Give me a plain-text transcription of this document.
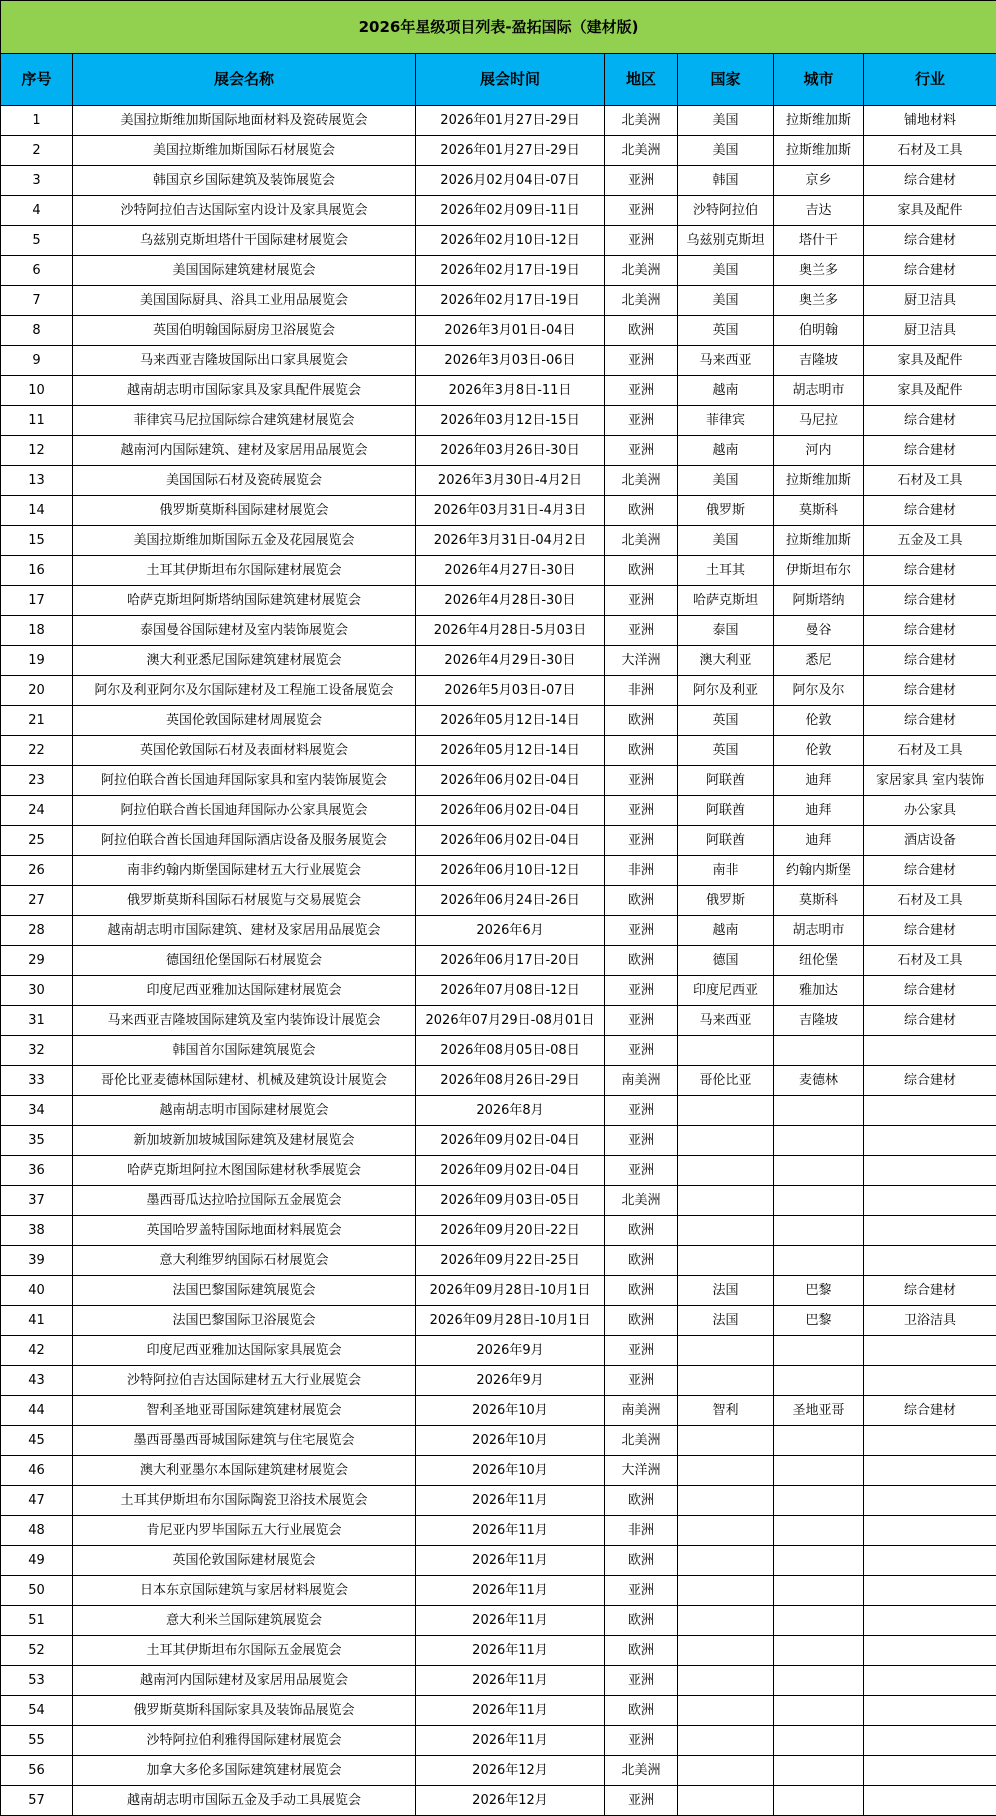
2026年星级项目列表-盈拓国际（建材版)						
序号	展会名称	展会时间	地区	国家	城市	行业

1	美国拉斯维加斯国际地面材料及瓷砖展览会	2026年01月27日-29日	北美洲	美国	拉斯维加斯	铺地材料

2	美国拉斯维加斯国际石材展览会	2026年01月27日-29日	北美洲	美国	拉斯维加斯	石材及工具

3	韩国京乡国际建筑及装饰展览会	2026月02月04日-07日	亚洲	韩国	京乡	综合建材

4	沙特阿拉伯吉达国际室内设计及家具展览会	2026年02月09日-11日	亚洲	沙特阿拉伯	吉达	家具及配件

5	乌兹别克斯坦塔什干国际建材展览会	2026年02月10日-12日	亚洲	乌兹别克斯坦	塔什干	综合建材

6	美国国际建筑建材展览会	2026年02月17日-19日	北美洲	美国	奥兰多	综合建材

7	美国国际厨具、浴具工业用品展览会	2026年02月17日-19日	北美洲	美国	奥兰多	厨卫洁具

8	英国伯明翰国际厨房卫浴展览会	2026年3月01日-04日	欧洲	英国	伯明翰	厨卫洁具

9	马来西亚吉隆坡国际出口家具展览会	2026年3月03日-06日	亚洲	马来西亚	吉隆坡	家具及配件

10	越南胡志明市国际家具及家具配件展览会	2026年3月8日-11日	亚洲	越南	胡志明市	家具及配件

11	菲律宾马尼拉国际综合建筑建材展览会	2026年03月12日-15日	亚洲	菲律宾	马尼拉	综合建材

12	越南河内国际建筑、建材及家居用品展览会	2026年03月26日-30日	亚洲	越南	河内	综合建材

13	美国国际石材及瓷砖展览会	2026年3月30日-4月2日	北美洲	美国	拉斯维加斯	石材及工具

14	俄罗斯莫斯科国际建材展览会	2026年03月31日-4月3日	欧洲	俄罗斯	莫斯科	综合建材

15	美国拉斯维加斯国际五金及花园展览会	2026年3月31日-04月2日	北美洲	美国	拉斯维加斯	五金及工具

16	土耳其伊斯坦布尔国际建材展览会	2026年4月27日-30日	欧洲	土耳其	伊斯坦布尔	综合建材

17	哈萨克斯坦阿斯塔纳国际建筑建材展览会	2026年4月28日-30日	亚洲	哈萨克斯坦	阿斯塔纳	综合建材

18	泰国曼谷国际建材及室内装饰展览会	2026年4月28日-5月03日	亚洲	泰国	曼谷	综合建材

19	澳大利亚悉尼国际建筑建材展览会	2026年4月29日-30日	大洋洲	澳大利亚	悉尼	综合建材

20	阿尔及利亚阿尔及尔国际建材及工程施工设备展览会	2026年5月03日-07日	非洲	阿尔及利亚	阿尔及尔	综合建材

21	英国伦敦国际建材周展览会	2026年05月12日-14日	欧洲	英国	伦敦	综合建材

22	英国伦敦国际石材及表面材料展览会	2026年05月12日-14日	欧洲	英国	伦敦	石材及工具

23	阿拉伯联合酋长国迪拜国际家具和室内装饰展览会	2026年06月02日-04日	亚洲	阿联酋	迪拜	家居家具 室内装饰

24	阿拉伯联合酋长国迪拜国际办公家具展览会	2026年06月02日-04日	亚洲	阿联酋	迪拜	办公家具

25	阿拉伯联合酋长国迪拜国际酒店设备及服务展览会	2026年06月02日-04日	亚洲	阿联酋	迪拜	酒店设备

26	南非约翰内斯堡国际建材五大行业展览会	2026年06月10日-12日	非洲	南非	约翰内斯堡	综合建材

27	俄罗斯莫斯科国际石材展览与交易展览会	2026年06月24日-26日	欧洲	俄罗斯	莫斯科	石材及工具

28	越南胡志明市国际建筑、建材及家居用品展览会	2026年6月	亚洲	越南	胡志明市	综合建材

29	德国纽伦堡国际石材展览会	2026年06月17日-20日	欧洲	德国	纽伦堡	石材及工具

30	印度尼西亚雅加达国际建材展览会	2026年07月08日-12日	亚洲	印度尼西亚	雅加达	综合建材

31	马来西亚吉隆坡国际建筑及室内装饰设计展览会	2026年07月29日-08月01日	亚洲	马来西亚	吉隆坡	综合建材

32	韩国首尔国际建筑展览会	2026年08月05日-08日	亚洲			

33	哥伦比亚麦德林国际建材、机械及建筑设计展览会	2026年08月26日-29日	南美洲	哥伦比亚	麦德林	综合建材

34	越南胡志明市国际建材展览会	2026年8月	亚洲			

35	新加坡新加坡城国际建筑及建材展览会	2026年09月02日-04日	亚洲			

36	哈萨克斯坦阿拉木图国际建材秋季展览会	2026年09月02日-04日	亚洲			

37	墨西哥瓜达拉哈拉国际五金展览会	2026年09月03日-05日	北美洲			

38	英国哈罗盖特国际地面材料展览会	2026年09月20日-22日	欧洲			

39	意大利维罗纳国际石材展览会	2026年09月22日-25日	欧洲			

40	法国巴黎国际建筑展览会	2026年09月28日-10月1日	欧洲	法国	巴黎	综合建材

41	法国巴黎国际卫浴展览会	2026年09月28日-10月1日	欧洲	法国	巴黎	卫浴洁具

42	印度尼西亚雅加达国际家具展览会	2026年9月	亚洲			

43	沙特阿拉伯吉达国际建材五大行业展览会	2026年9月	亚洲			

44	智利圣地亚哥国际建筑建材展览会	2026年10月	南美洲	智利	圣地亚哥	综合建材

45	墨西哥墨西哥城国际建筑与住宅展览会	2026年10月	北美洲			

46	澳大利亚墨尔本国际建筑建材展览会	2026年10月	大洋洲			

47	土耳其伊斯坦布尔国际陶瓷卫浴技术展览会	2026年11月	欧洲			

48	肯尼亚内罗毕国际五大行业展览会	2026年11月	非洲			

49	英国伦敦国际建材展览会	2026年11月	欧洲			

50	日本东京国际建筑与家居材料展览会	2026年11月	亚洲			

51	意大利米兰国际建筑展览会	2026年11月	欧洲			

52	土耳其伊斯坦布尔国际五金展览会	2026年11月	欧洲			

53	越南河内国际建材及家居用品展览会	2026年11月	亚洲			

54	俄罗斯莫斯科国际家具及装饰品展览会	2026年11月	欧洲			

55	沙特阿拉伯利雅得国际建材展览会	2026年11月	亚洲			

56	加拿大多伦多国际建筑建材展览会	2026年12月	北美洲			

57	越南胡志明市国际五金及手动工具展览会	2026年12月	亚洲			
